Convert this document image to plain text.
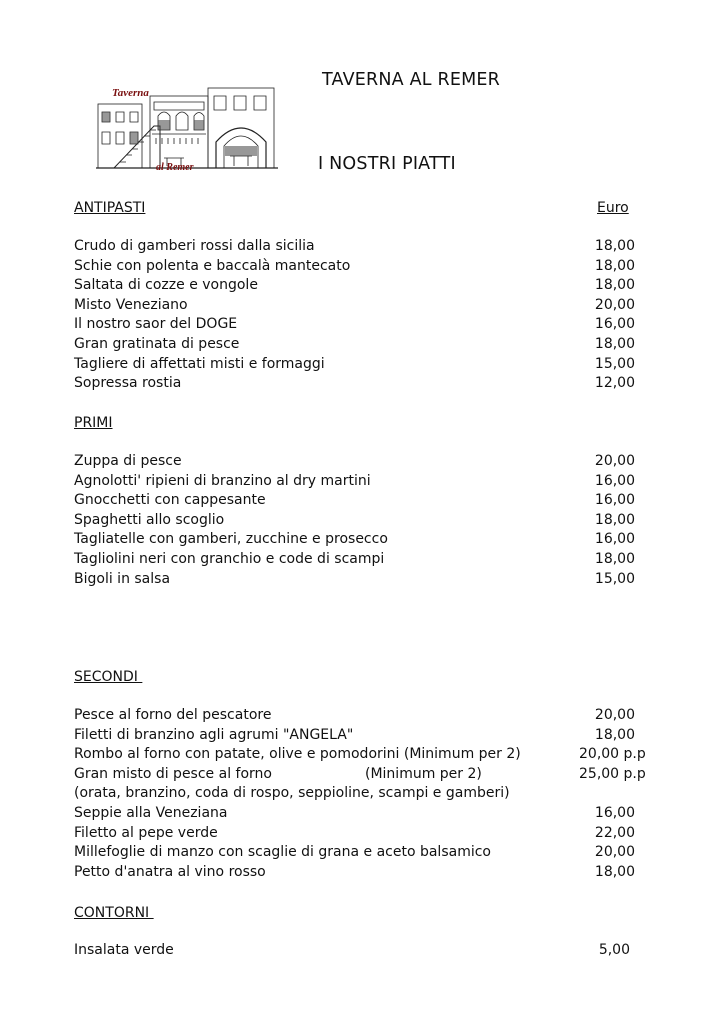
Taverna
al Remer
TAVERNA AL REMER
I NOSTRI PIATTI
ANTIPASTI	Euro
Crudo di gamberi rossi dalla sicilia	18,00
Schie con polenta e baccalà mantecato	18,00
Saltata di cozze e vongole	18,00
Misto Veneziano	20,00
Il nostro saor del DOGE	16,00
Gran gratinata di pesce	18,00
Tagliere di affettati misti e formaggi	15,00
Sopressa rostia	12,00
PRIMI
Zuppa di pesce	20,00
Agnolotti' ripieni di branzino al dry martini	16,00
Gnocchetti con cappesante	16,00
Spaghetti allo scoglio	18,00
Tagliatelle con gamberi, zucchine e prosecco	16,00
Tagliolini neri con granchio e code di scampi	18,00
Bigoli in salsa	15,00
SECONDI
Pesce al forno del pescatore	20,00
Filetti di branzino agli agrumi "ANGELA"	18,00
Rombo al forno con patate, olive e pomodorini (Minimum per 2)	20,00 p.p
Gran misto di pesce al forno	(Minimum per 2)	25,00 p.p
(orata, branzino, coda di rospo, seppioline, scampi e gamberi)
Seppie alla Veneziana	16,00
Filetto al pepe verde	22,00
Millefoglie di manzo con scaglie di grana e aceto balsamico	20,00
Petto d'anatra al vino rosso	18,00
CONTORNI
Insalata verde	5,00
